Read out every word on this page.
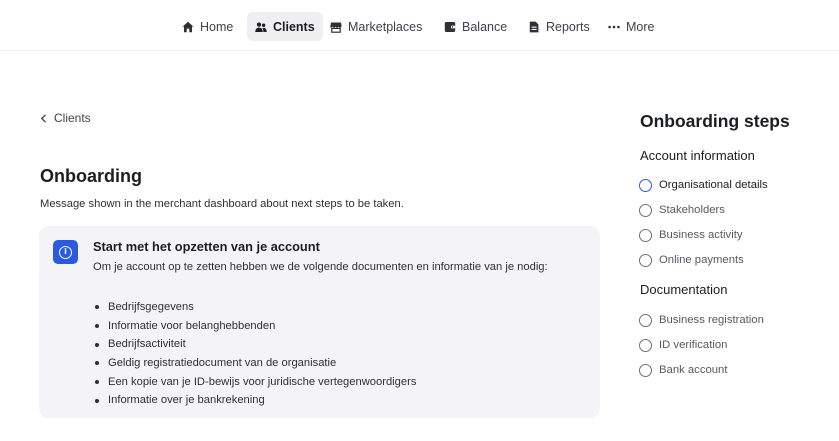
Home	Clients	Marketplaces	Balance	Reports	More
Clients
Onboarding
Message shown in the merchant dashboard about next steps to be taken.
i	Start met het opzetten van je account
Om je account op te zetten hebben we de volgende documenten en informatie van je nodig:
Bedrijfsgegevens
Informatie voor belanghebbenden
Bedrijfsactiviteit
Geldig registratiedocument van de organisatie
Een kopie van je ID-bewijs voor juridische vertegenwoordigers
Informatie over je bankrekening
Onboarding steps
Account information
Organisational details
Stakeholders
Business activity
Online payments
Documentation
Business registration
ID verification
Bank account
